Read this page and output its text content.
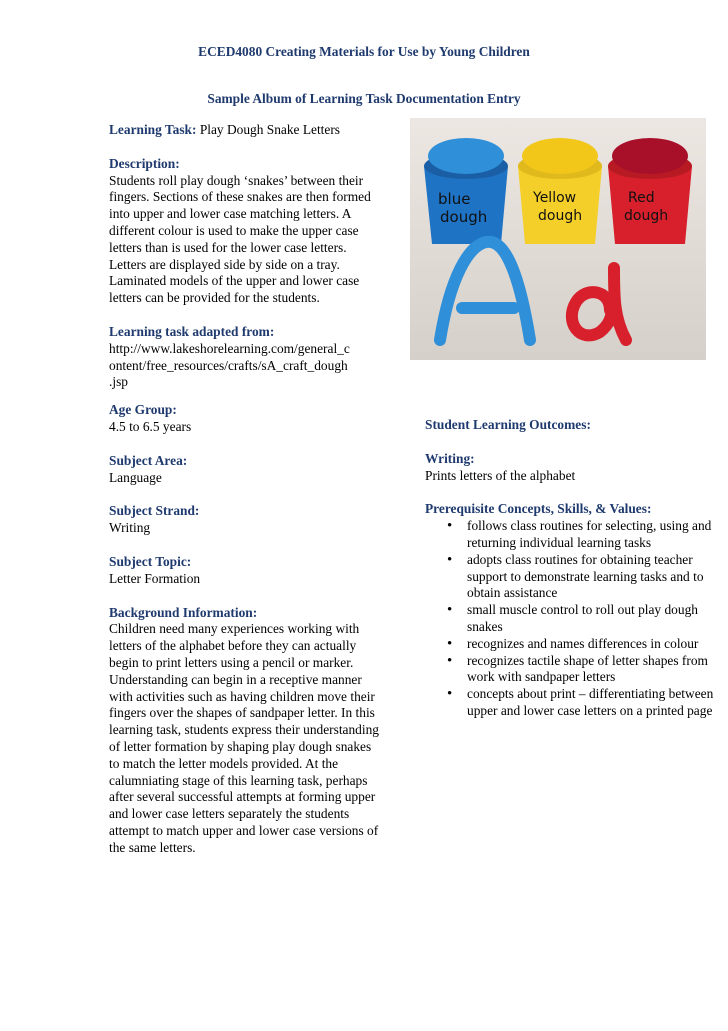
ECED4080 Creating Materials for Use by Young Children
Sample Album of Learning Task Documentation Entry
Learning Task: Play Dough Snake Letters

Description:

Students roll play dough ‘snakes’ between their fingers. Sections of these snakes are then formed into upper and lower case matching letters. A different colour is used to make the upper case letters than is used for the lower case letters. Letters are displayed side by side on a tray. Laminated models of the upper and lower case letters can be provided for the students.

Learning task adapted from:

http://www.lakeshorelearning.com/general_c

ontent/free_resources/crafts/sA_craft_dough

.jsp

Age Group:

4.5 to 6.5 years

Subject Area:

Language

Subject Strand:

Writing

Subject Topic:

Letter Formation

Background Information:

Children need many experiences working with letters of the alphabet before they can actually begin to print letters using a pencil or marker. Understanding can begin in a receptive manner with activities such as having children move their fingers over the shapes of sandpaper letter. In this learning task, students express their understanding of letter formation by shaping play dough snakes to match the letter models provided. At the calumniating stage of this learning task, perhaps after several successful attempts at forming upper and lower case letters separately the students attempt to match upper and lower case versions of the same letters.

blue
dough
Yellow
dough
Red
dough

Student Learning Outcomes:

Writing:

Prints letters of the alphabet

Prerequisite Concepts, Skills, & Values:

• follows class routines for selecting, using and returning individual learning tasks
• adopts class routines for obtaining teacher support to demonstrate learning tasks and to obtain assistance
• small muscle control to roll out play dough snakes
• recognizes and names differences in colour
• recognizes tactile shape of letter shapes from work with sandpaper letters
• concepts about print – differentiating between upper and lower case letters on a printed page
